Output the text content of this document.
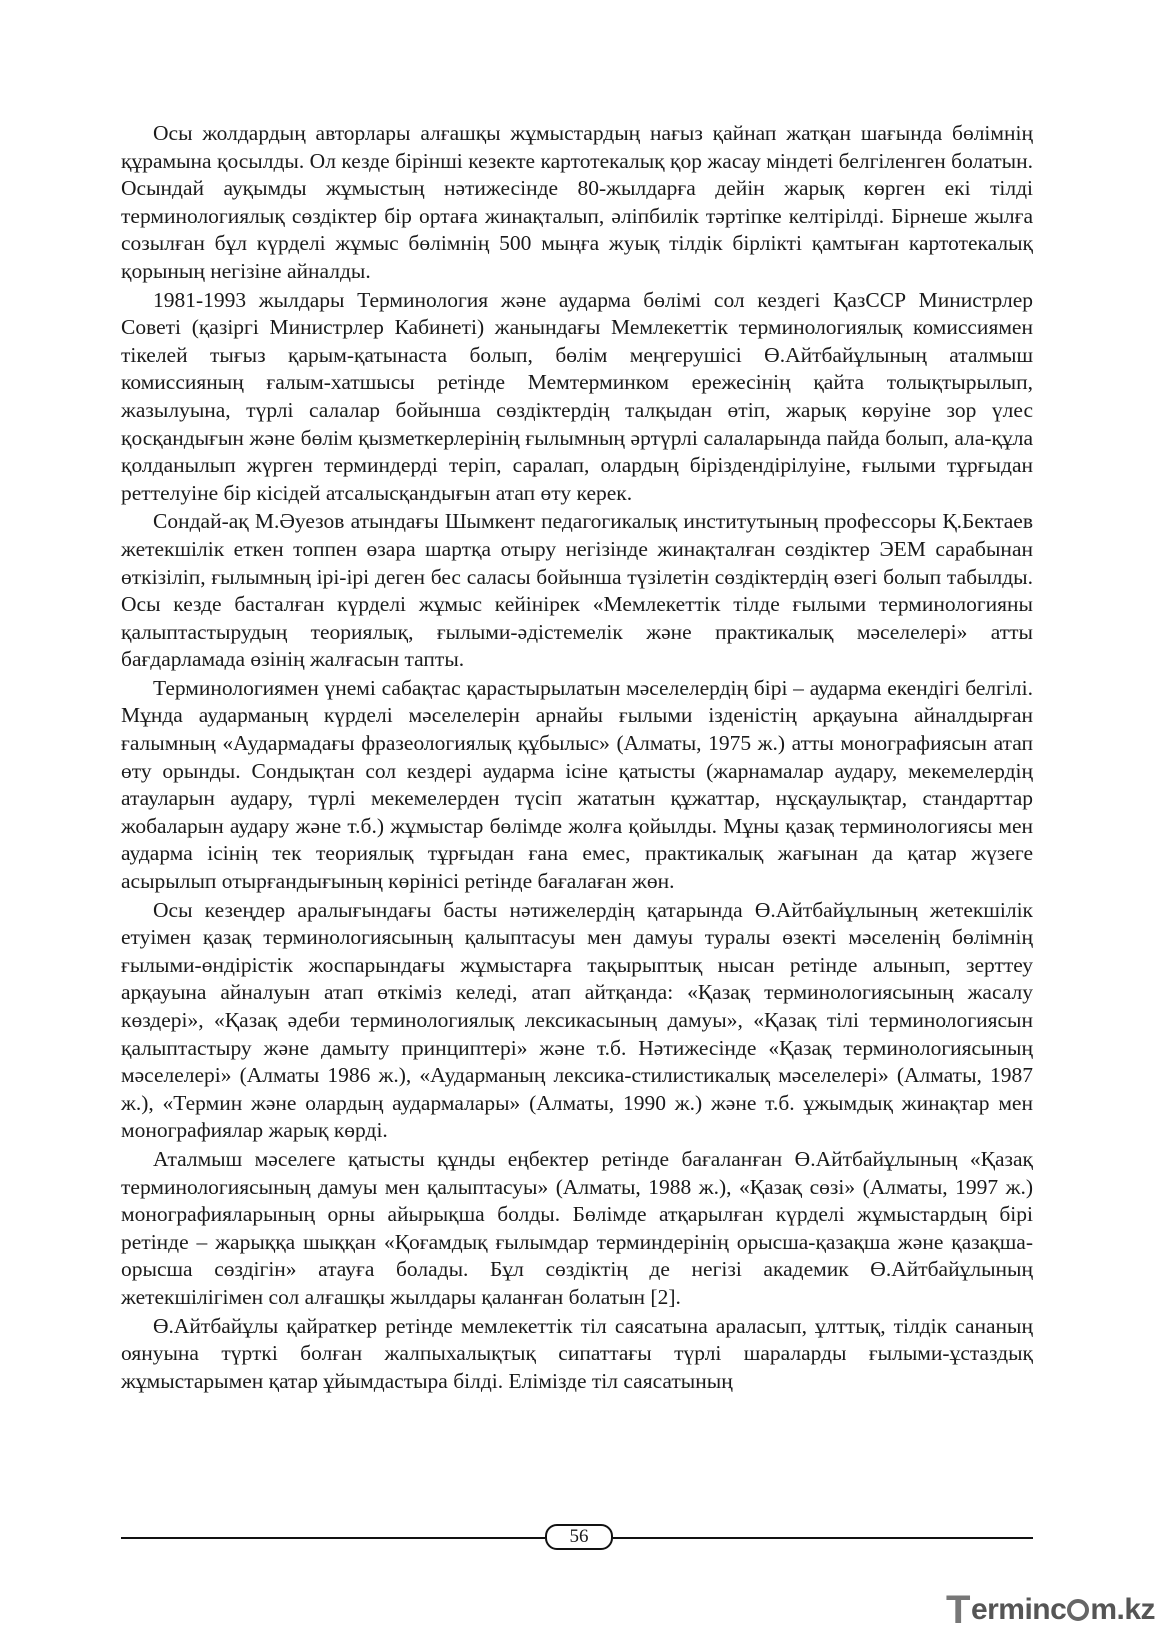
Осы жолдардың авторлары алғашқы жұмыстардың нағыз қайнап жатқан шағында бөлімнің құрамына қосылды. Ол кезде бірінші кезекте картотекалық қор жасау міндеті белгіленген болатын. Осындай ауқымды жұмыстың нәтижесінде 80-жылдарға дейін жарық көрген екі тілді терминологиялық сөздіктер бір ортаға жинақталып, әліпбилік тәртіпке келтірілді. Бірнеше жылға созылған бұл күрделі жұмыс бөлімнің 500 мыңға жуық тілдік бірлікті қамтыған картотекалық қорының негізіне айналды.

1981-1993 жылдары Терминология және аударма бөлімі сол кездегі ҚазССР Министрлер Советі (қазіргі Министрлер Кабинеті) жанындағы Мемлекеттік терминологиялық комиссиямен тікелей тығыз қарым-қатынаста болып, бөлім меңгерушісі Ө.Айтбайұлының аталмыш комиссияның ғалым-хатшысы ретінде Мемтерминком ережесінің қайта толықтырылып, жазылуына, түрлі салалар бойынша сөздіктердің талқыдан өтіп, жарық көруіне зор үлес қосқандығын және бөлім қызметкерлерінің ғылымның әртүрлі салаларында пайда болып, ала-құла қолданылып жүрген терминдерді теріп, саралап, олардың біріздендірілуіне, ғылыми тұрғыдан реттелуіне бір кісідей атсалысқандығын атап өту керек.

Сондай-ақ М.Әуезов атындағы Шымкент педагогикалық институтының профессоры Қ.Бектаев жетекшілік еткен топпен өзара шартқа отыру негізінде жинақталған сөздіктер ЭЕМ сарабынан өткізіліп, ғылымның ірі-ірі деген бес саласы бойынша түзілетін сөздіктердің өзегі болып табылды. Осы кезде басталған күрделі жұмыс кейінірек «Мемлекеттік тілде ғылыми терминологияны қалыптастырудың теориялық, ғылыми-әдістемелік және практикалық мәселелері» атты бағдарламада өзінің жалғасын тапты.

Терминологиямен үнемі сабақтас қарастырылатын мәселелердің бірі – аударма екендігі белгілі. Мұнда аударманың күрделі мәселелерін арнайы ғылыми ізденістің арқауына айналдырған ғалымның «Аудармадағы фразеологиялық құбылыс» (Алматы, 1975 ж.) атты монографиясын атап өту орынды. Сондықтан сол кездері аударма ісіне қатысты (жарнамалар аудару, мекемелердің атауларын аудару, түрлі мекемелерден түсіп жататын құжаттар, нұсқаулықтар, стандарттар жобаларын аудару және т.б.) жұмыстар бөлімде жолға қойылды. Мұны қазақ терминологиясы мен аударма ісінің тек теориялық тұрғыдан ғана емес, практикалық жағынан да қатар жүзеге асырылып отырғандығының көрінісі ретінде бағалаған жөн.

Осы кезеңдер аралығындағы басты нәтижелердің қатарында Ө.Айтбайұлының жетекшілік етуімен қазақ терминологиясының қалыптасуы мен дамуы туралы өзекті мәселенің бөлімнің ғылыми-өндірістік жоспарындағы жұмыстарға тақырыптық нысан ретінде алынып, зерттеу арқауына айналуын атап өткіміз келеді, атап айтқанда: «Қазақ терминологиясының жасалу көздері», «Қазақ әдеби терминологиялық лексикасының дамуы», «Қазақ тілі терминологиясын қалыптастыру және дамыту принциптері» және т.б. Нәтижесінде «Қазақ терминологиясының мәселелері» (Алматы 1986 ж.), «Аударманың лексика-стилистикалық мәселелері» (Алматы, 1987 ж.), «Термин және олардың аудармалары» (Алматы, 1990 ж.) және т.б. ұжымдық жинақтар мен монографиялар жарық көрді.

Аталмыш мәселеге қатысты құнды еңбектер ретінде бағаланған Ө.Айтбайұлының «Қазақ терминологиясының дамуы мен қалыптасуы» (Алматы, 1988 ж.), «Қазақ сөзі» (Алматы, 1997 ж.) монографияларының орны айырықша болды. Бөлімде атқарылған күрделі жұмыстардың бірі ретінде – жарыққа шыққан «Қоғамдық ғылымдар терминдерінің орысша-қазақша және қазақша-орысша сөздігін» атауға болады. Бұл сөздіктің де негізі академик Ө.Айтбайұлының жетекшілігімен сол алғашқы жылдары қаланған болатын [2].

Ө.Айтбайұлы қайраткер ретінде мемлекеттік тіл саясатына араласып, ұлттық, тілдік сананың оянуына түрткі болған жалпыхалықтық сипаттағы түрлі шараларды ғылыми-ұстаздық жұмыстарымен қатар ұйымдастыра білді. Елімізде тіл саясатының

56
T erminc m.kz
